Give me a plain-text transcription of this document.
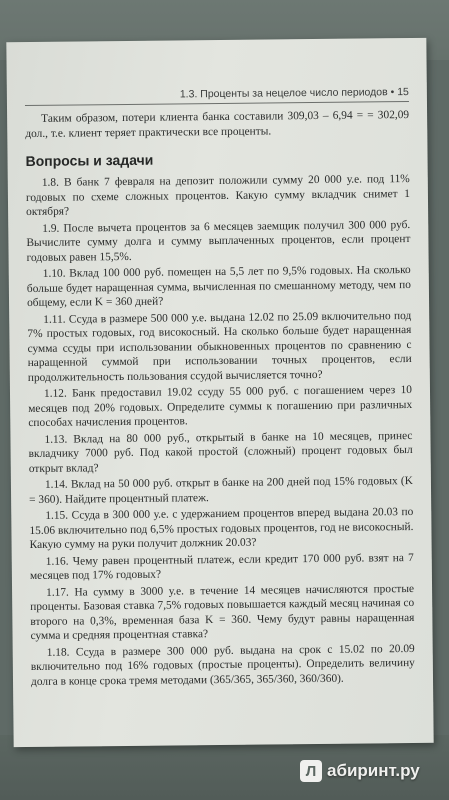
1.3. Проценты за нецелое число периодов • 15

Таким образом, потери клиента банка составили 309,03 – 6,94 = = 302,09 дол., т.е. клиент теряет практически все проценты.

Вопросы и задачи

1.8. В банк 7 февраля на депозит положили сумму 20 000 у.е. под 11% годовых по схеме сложных процентов. Какую сумму вкладчик снимет 1 октября?

1.9. После вычета процентов за 6 месяцев заемщик получил 300 000 руб. Вычислите сумму долга и сумму выплаченных процентов, если процент годовых равен 15,5%.

1.10. Вклад 100 000 руб. помещен на 5,5 лет по 9,5% годовых. На сколько больше будет наращенная сумма, вычисленная по смешанному методу, чем по общему, если K = 360 дней?

1.11. Ссуда в размере 500 000 у.е. выдана 12.02 по 25.09 включительно под 7% простых годовых, год високосный. На сколько больше будет наращенная сумма ссуды при использовании обыкновенных процентов по сравнению с наращенной суммой при использовании точных процентов, если продолжительность пользования ссудой вычисляется точно?

1.12. Банк предоставил 19.02 ссуду 55 000 руб. с погашением через 10 месяцев под 20% годовых. Определите суммы к погашению при различных способах начисления процентов.

1.13. Вклад на 80 000 руб., открытый в банке на 10 месяцев, принес вкладчику 7000 руб. Под какой простой (сложный) процент годовых был открыт вклад?

1.14. Вклад на 50 000 руб. открыт в банке на 200 дней под 15% годовых (K = 360). Найдите процентный платеж.

1.15. Ссуда в 300 000 у.е. с удержанием процентов вперед выдана 20.03 по 15.06 включительно под 6,5% простых годовых процентов, год не високосный. Какую сумму на руки получит должник 20.03?

1.16. Чему равен процентный платеж, если кредит 170 000 руб. взят на 7 месяцев под 17% годовых?

1.17. На сумму в 3000 у.е. в течение 14 месяцев начисляются простые проценты. Базовая ставка 7,5% годовых повышается каждый месяц начиная со второго на 0,3%, временная база K = 360. Чему будут равны наращенная сумма и средняя процентная ставка?

1.18. Ссуда в размере 300 000 руб. выдана на срок с 15.02 по 20.09 включительно под 16% годовых (простые проценты). Определить величину долга в конце срока тремя методами (365/365, 365/360, 360/360).

Л абиринт.ру
